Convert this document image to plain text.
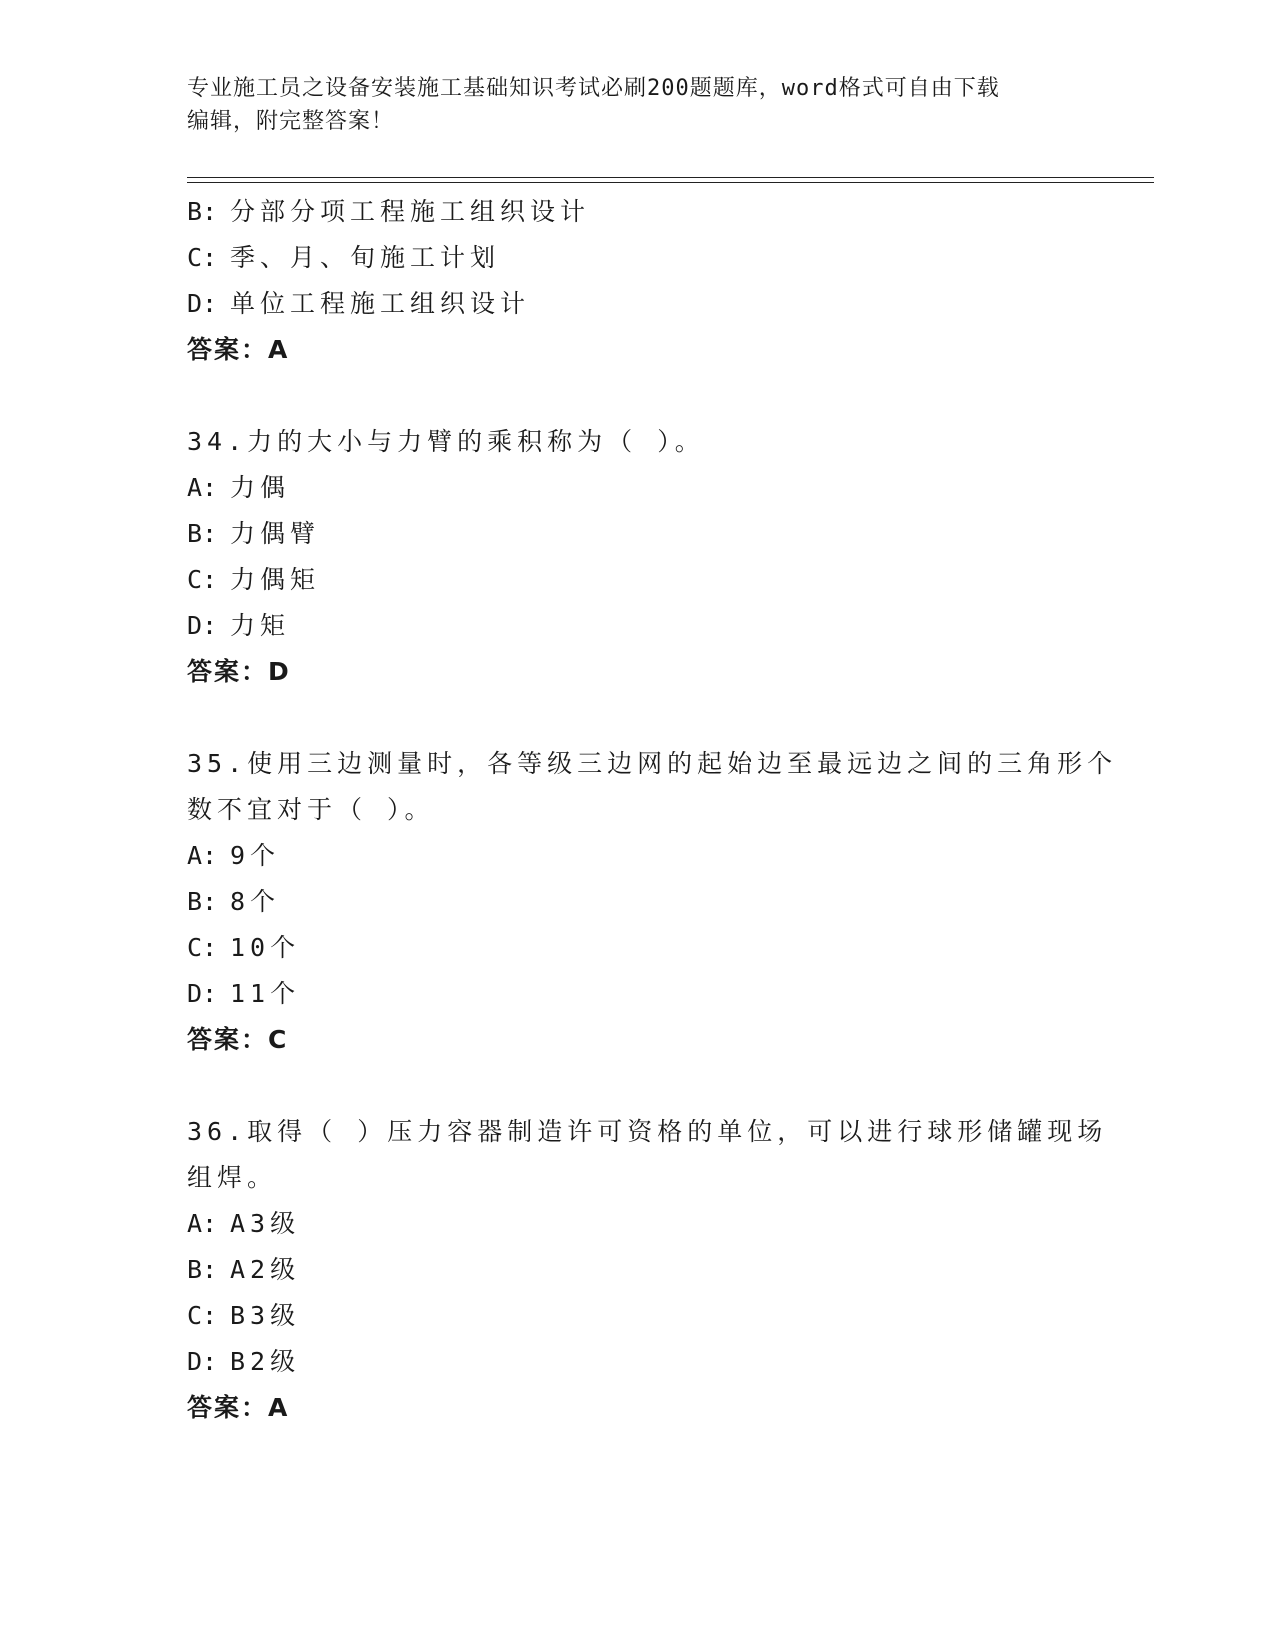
专业施工员之设备安装施工基础知识考试必刷200题题库，word格式可自由下载
编辑，附完整答案！
B: 分部分项工程施工组织设计
C: 季、月、旬施工计划
D: 单位工程施工组织设计
答案：A
34.力的大小与力臂的乘积称为（ ）。
A: 力偶
B: 力偶臂
C: 力偶矩
D: 力矩
答案：D
35.使用三边测量时，各等级三边网的起始边至最远边之间的三角形个
数不宜对于（ ）。
A: 9个
B: 8个
C: 10个
D: 11个
答案：C
36.取得（ ）压力容器制造许可资格的单位，可以进行球形储罐现场
组焊。
A: A3级
B: A2级
C: B3级
D: B2级
答案：A
